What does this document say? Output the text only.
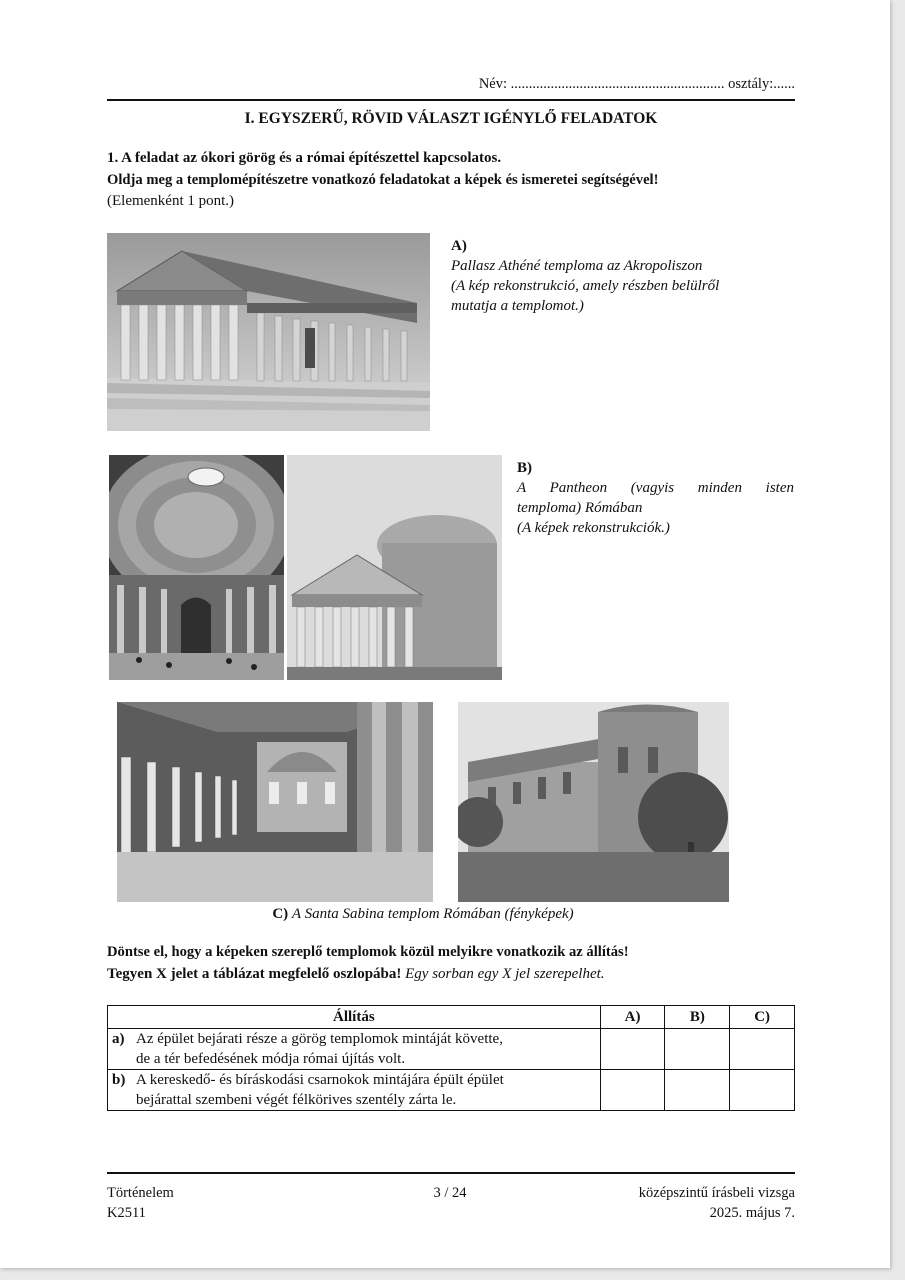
Név: ........................................................... osztály:......
I. EGYSZERŰ, RÖVID VÁLASZT IGÉNYLŐ FELADATOK
1. A feladat az ókori görög és a római építészettel kapcsolatos.
Oldja meg a templomépítészetre vonatkozó feladatokat a képek és ismeretei segítségével!
(Elemenként 1 pont.)
A)
Pallasz Athéné temploma az Akropoliszon
(A kép rekonstrukció, amely részben belülről
mutatja a templomot.)
B)
A Pantheon (vagyis minden isten
temploma) Rómában
(A képek rekonstrukciók.)
C) A Santa Sabina templom Rómában (fényképek)
Döntse el, hogy a képeken szereplő templomok közül melyikre vonatkozik az állítás!
Tegyen X jelet a táblázat megfelelő oszlopába! Egy sorban egy X jel szerepelhet.
Állítás	A)	B)	C)
a) Az épület bejárati része a görög templomok mintáját követte,
de a tér befedésének módja római újítás volt.			

b) A kereskedő- és bíráskodási csarnokok mintájára épült épület
bejárattal szembeni végét félkörives szentély zárta le.			

Történelem
K2511
3 / 24	középszintű írásbeli vizsga
2025. május 7.
